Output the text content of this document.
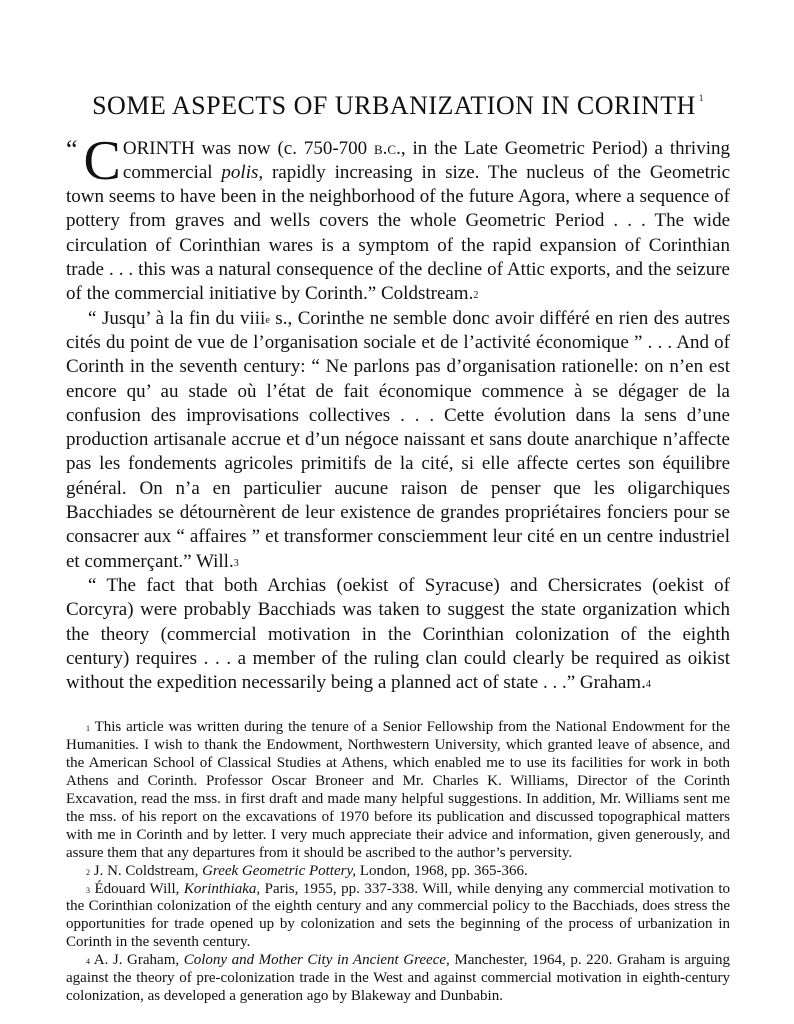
SOME ASPECTS OF URBANIZATION IN CORINTH $^1$

“ C ORINTH was now (c. 750-700 b.c., in the Late Geometric Period) a thriving commercial polis, rapidly increasing in size. The nucleus of the Geometric town seems to have been in the neighborhood of the future Agora, where a sequence of pottery from graves and wells covers the whole Geometric Period . . . The wide circulation of Corinthian wares is a symptom of the rapid expansion of Corinthian trade . . . this was a natural consequence of the decline of Attic exports, and the seizure of the commercial initiative by Corinth.” Coldstream.$^2$

“ Jusqu’ à la fin du viii$^e$ s., Corinthe ne semble donc avoir différé en rien des autres cités du point de vue de l’organisation sociale et de l’activité économique ” . . . And of Corinth in the seventh century: “ Ne parlons pas d’organisation rationelle: on n’en est encore qu’ au stade où l’état de fait économique commence à se dégager de la confusion des improvisations collectives . . . Cette évolution dans la sens d’une production artisanale accrue et d’un négoce naissant et sans doute anarchique n’affecte pas les fondements agricoles primitifs de la cité, si elle affecte certes son équilibre général. On n’a en particulier aucune raison de penser que les oligarchiques Bacchiades se détournèrent de leur existence de grandes propriétaires fonciers pour se consacrer aux “ affaires ” et transformer consciemment leur cité en un centre industriel et commerçant.” Will.$^3$

“ The fact that both Archias (oekist of Syracuse) and Chersicrates (oekist of Corcyra) were probably Bacchiads was taken to suggest the state organization which the theory (commercial motivation in the Corinthian colonization of the eighth century) requires . . . a member of the ruling clan could clearly be required as oikist without the expedition necessarily being a planned act of state . . .” Graham.$^4$

$^1$ This article was written during the tenure of a Senior Fellowship from the National Endowment for the Humanities. I wish to thank the Endowment, Northwestern University, which granted leave of absence, and the American School of Classical Studies at Athens, which enabled me to use its facilities for work in both Athens and Corinth. Professor Oscar Broneer and Mr. Charles K. Williams, Director of the Corinth Excavation, read the mss. in first draft and made many helpful suggestions. In addition, Mr. Williams sent me the mss. of his report on the excavations of 1970 before its publication and discussed topographical matters with me in Corinth and by letter. I very much appreciate their advice and information, given generously, and assure them that any departures from it should be ascribed to the author’s perversity.

$^2$ J. N. Coldstream, Greek Geometric Pottery, London, 1968, pp. 365-366.

$^3$ Édouard Will, Korinthiaka, Paris, 1955, pp. 337-338. Will, while denying any commercial motivation to the Corinthian colonization of the eighth century and any commercial policy to the Bacchiads, does stress the opportunities for trade opened up by colonization and sets the beginning of the process of urbanization in Corinth in the seventh century.

$^4$ A. J. Graham, Colony and Mother City in Ancient Greece, Manchester, 1964, p. 220. Graham is arguing against the theory of pre-colonization trade in the West and against commercial motivation in eighth-century colonization, as developed a generation ago by Blakeway and Dunbabin.
